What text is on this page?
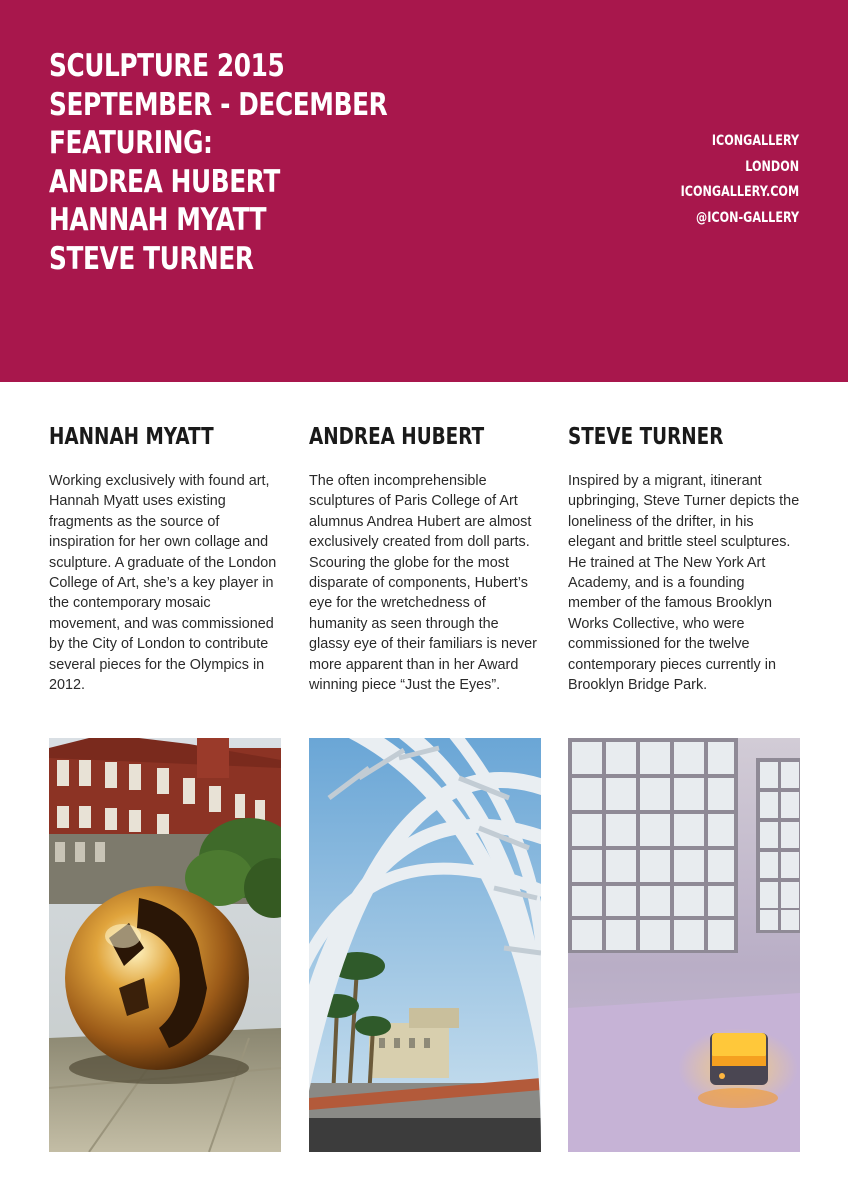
SCULPTURE 2015
SEPTEMBER - DECEMBER
FEATURING:
ANDREA HUBERT
HANNAH MYATT
STEVE TURNER
ICONGALLERY
LONDON
ICONGALLERY.COM
@ICON-GALLERY
HANNAH MYATT

Working exclusively with found art, Hannah Myatt uses existing fragments as the source of inspiration for her own collage and sculpture. A graduate of the London College of Art, she’s a key player in the contemporary mosaic movement, and was commissioned by the City of London to contribute several pieces for the Olympics in 2012.

ANDREA HUBERT

The often incomprehensible sculptures of Paris College of Art alumnus Andrea Hubert are almost exclusively created from doll parts. Scouring the globe for the most disparate of components, Hubert’s eye for the wretchedness of humanity as seen through the glassy eye of their familiars is never more apparent than in her Award winning piece “Just the Eyes”.

STEVE TURNER

Inspired by a migrant, itinerant upbringing, Steve Turner depicts the loneliness of the drifter, in his elegant and brittle steel sculptures. He trained at The New York Art Academy, and is a founding member of the famous Brooklyn Works Collective, who were commissioned for the twelve contemporary pieces currently in Brooklyn Bridge Park.
